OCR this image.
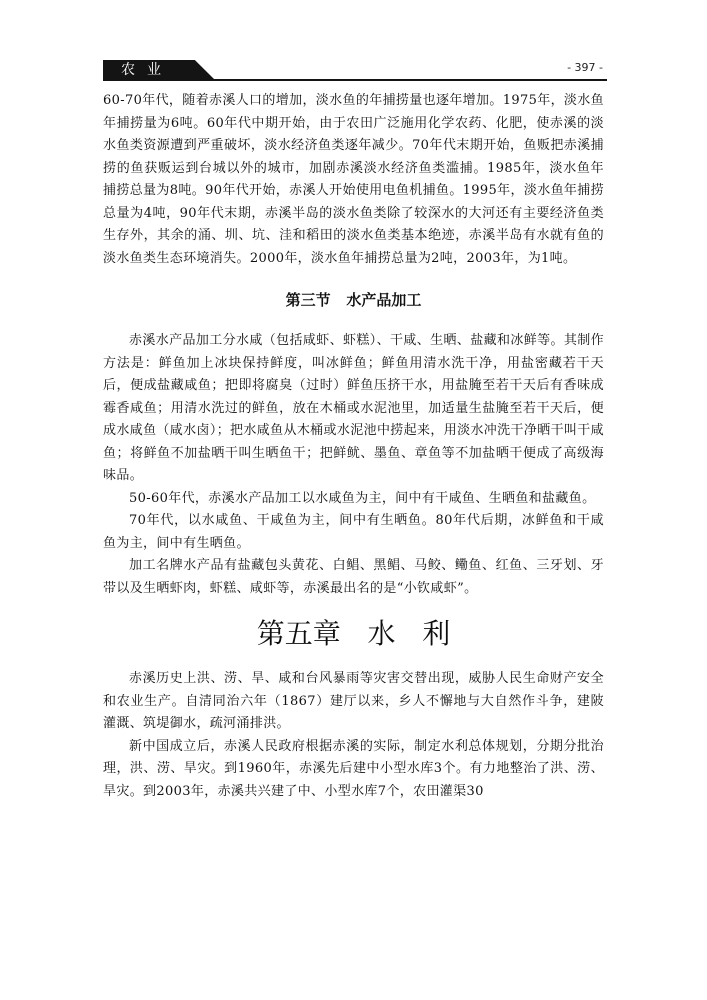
农业	- 397 -

60-70年代，随着赤溪人口的增加，淡水鱼的年捕捞量也逐年增加。1975年，淡水鱼年捕捞量为6吨。60年代中期开始，由于农田广泛施用化学农药、化肥，使赤溪的淡水鱼类资源遭到严重破坏，淡水经济鱼类逐年减少。70年代末期开始，鱼贩把赤溪捕捞的鱼获贩运到台城以外的城市，加剧赤溪淡水经济鱼类滥捕。1985年，淡水鱼年捕捞总量为8吨。90年代开始，赤溪人开始使用电鱼机捕鱼。1995年，淡水鱼年捕捞总量为4吨，90年代末期，赤溪半岛的淡水鱼类除了较深水的大河还有主要经济鱼类生存外，其余的涌、圳、坑、洼和稻田的淡水鱼类基本绝迹，赤溪半岛有水就有鱼的淡水鱼类生态环境消失。2000年，淡水鱼年捕捞总量为2吨，2003年，为1吨。

第三节   水产品加工

赤溪水产品加工分水咸（包括咸虾、虾糕）、干咸、生晒、盐藏和冰鲜等。其制作方法是：鲜鱼加上冰块保持鲜度，叫冰鲜鱼；鲜鱼用清水洗干净，用盐密藏若干天后，便成盐藏咸鱼；把即将腐臭（过时）鲜鱼压挤干水，用盐腌至若干天后有香味成霉香咸鱼；用清水洗过的鲜鱼，放在木桶或水泥池里，加适量生盐腌至若干天后，便成水咸鱼（咸水卤）；把水咸鱼从木桶或水泥池中捞起来，用淡水冲洗干净晒干叫干咸鱼；将鲜鱼不加盐晒干叫生晒鱼干；把鲜鱿、墨鱼、章鱼等不加盐晒干便成了高级海味品。

50-60年代，赤溪水产品加工以水咸鱼为主，间中有干咸鱼、生晒鱼和盐藏鱼。

70年代，以水咸鱼、干咸鱼为主，间中有生晒鱼。80年代后期，冰鲜鱼和干咸鱼为主，间中有生晒鱼。

加工名牌水产品有盐藏包头黄花、白鲳、黑鲳、马鲛、鳓鱼、红鱼、三牙划、牙带以及生晒虾肉，虾糕、咸虾等，赤溪最出名的是“小钦咸虾”。

第五章   水   利

赤溪历史上洪、涝、旱、咸和台风暴雨等灾害交替出现，威胁人民生命财产安全和农业生产。自清同治六年（1867）建厅以来，乡人不懈地与大自然作斗争，建陂灌溉、筑堤御水，疏河涌排洪。

新中国成立后，赤溪人民政府根据赤溪的实际，制定水利总体规划，分期分批治理，洪、涝、旱灾。到1960年，赤溪先后建中小型水库3个。有力地整治了洪、涝、旱灾。到2003年，赤溪共兴建了中、小型水库7个，农田灌渠30
